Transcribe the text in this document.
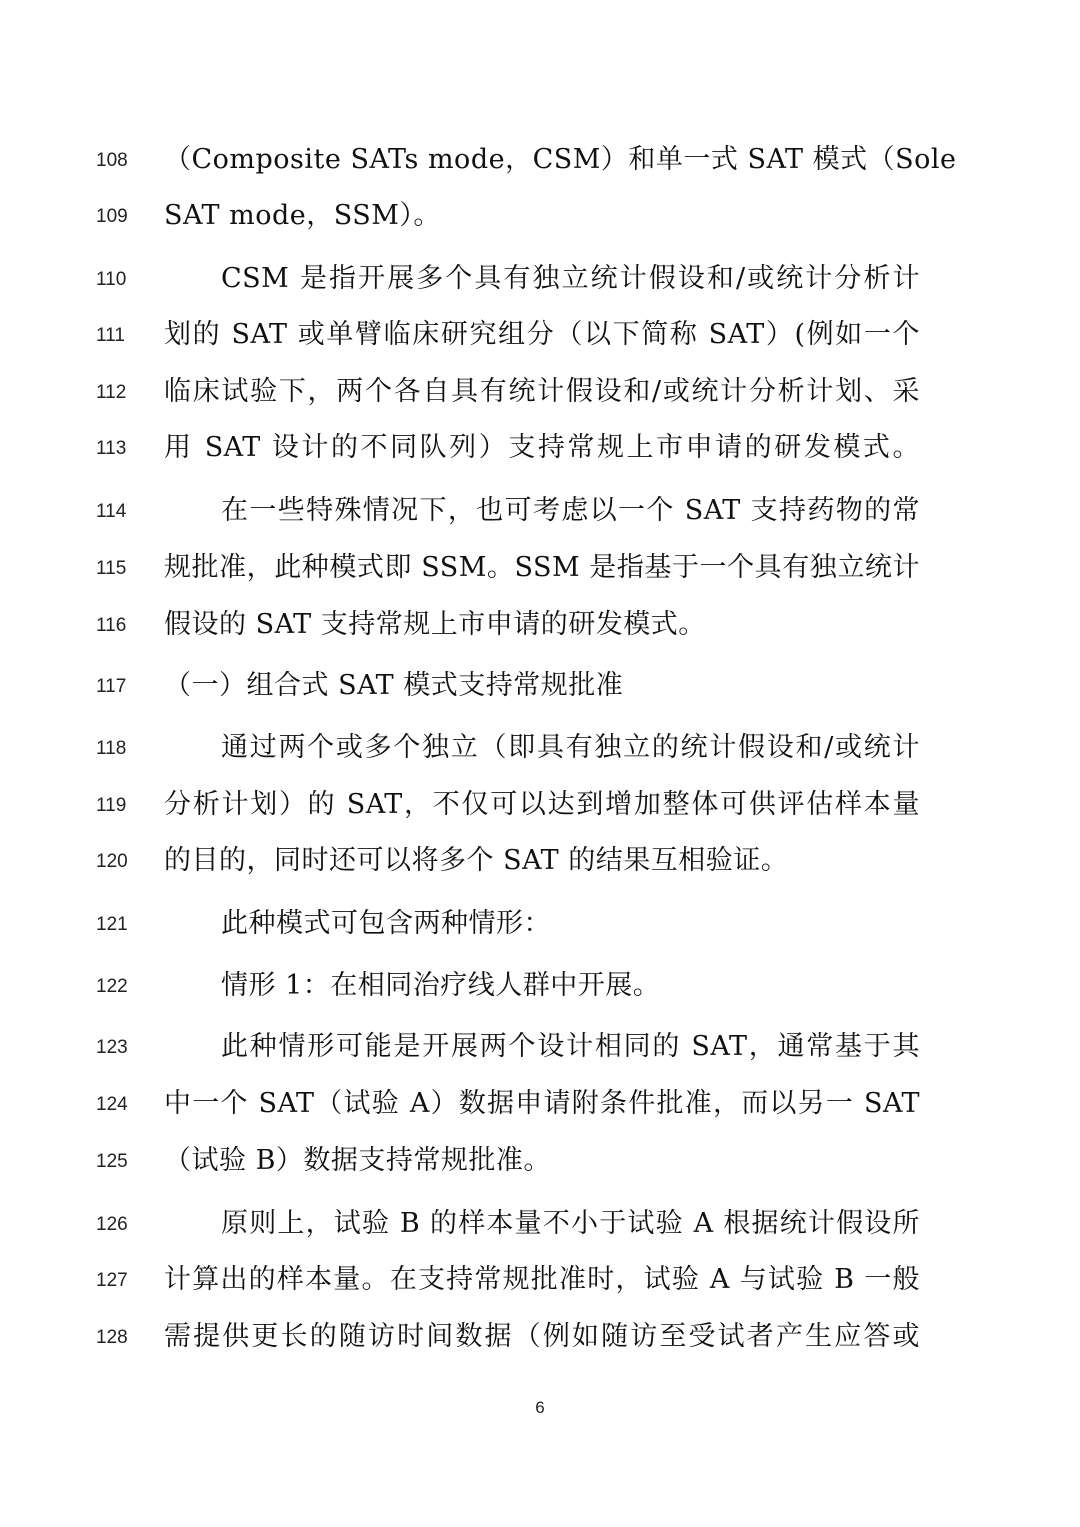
108 （Composite SATs mode，CSM）和单一式 SAT 模式（Sole
109 SAT mode，SSM）。
110	CSM 是指开展多个具有独立统计假设和/或统计分析计
111 划的 SAT 或单臂临床研究组分（以下简称 SAT）(例如一个
112 临床试验下，两个各自具有统计假设和/或统计分析计划、采
113 用 SAT 设计的不同队列）支持常规上市申请的研发模式。
114	在一些特殊情况下，也可考虑以一个 SAT 支持药物的常
115 规批准，此种模式即 SSM。SSM 是指基于一个具有独立统计
116 假设的 SAT 支持常规上市申请的研发模式。
117 （一）组合式 SAT 模式支持常规批准
118	通过两个或多个独立（即具有独立的统计假设和/或统计
119 分析计划）的 SAT，不仅可以达到增加整体可供评估样本量
120 的目的，同时还可以将多个 SAT 的结果互相验证。
121	此种模式可包含两种情形：
122	情形 1：在相同治疗线人群中开展。
123	此种情形可能是开展两个设计相同的 SAT，通常基于其
124 中一个 SAT（试验 A）数据申请附条件批准，而以另一 SAT
125 （试验 B）数据支持常规批准。
126	原则上，试验 B 的样本量不小于试验 A 根据统计假设所
127 计算出的样本量。在支持常规批准时，试验 A 与试验 B 一般
128 需提供更长的随访时间数据（例如随访至受试者产生应答或
6
